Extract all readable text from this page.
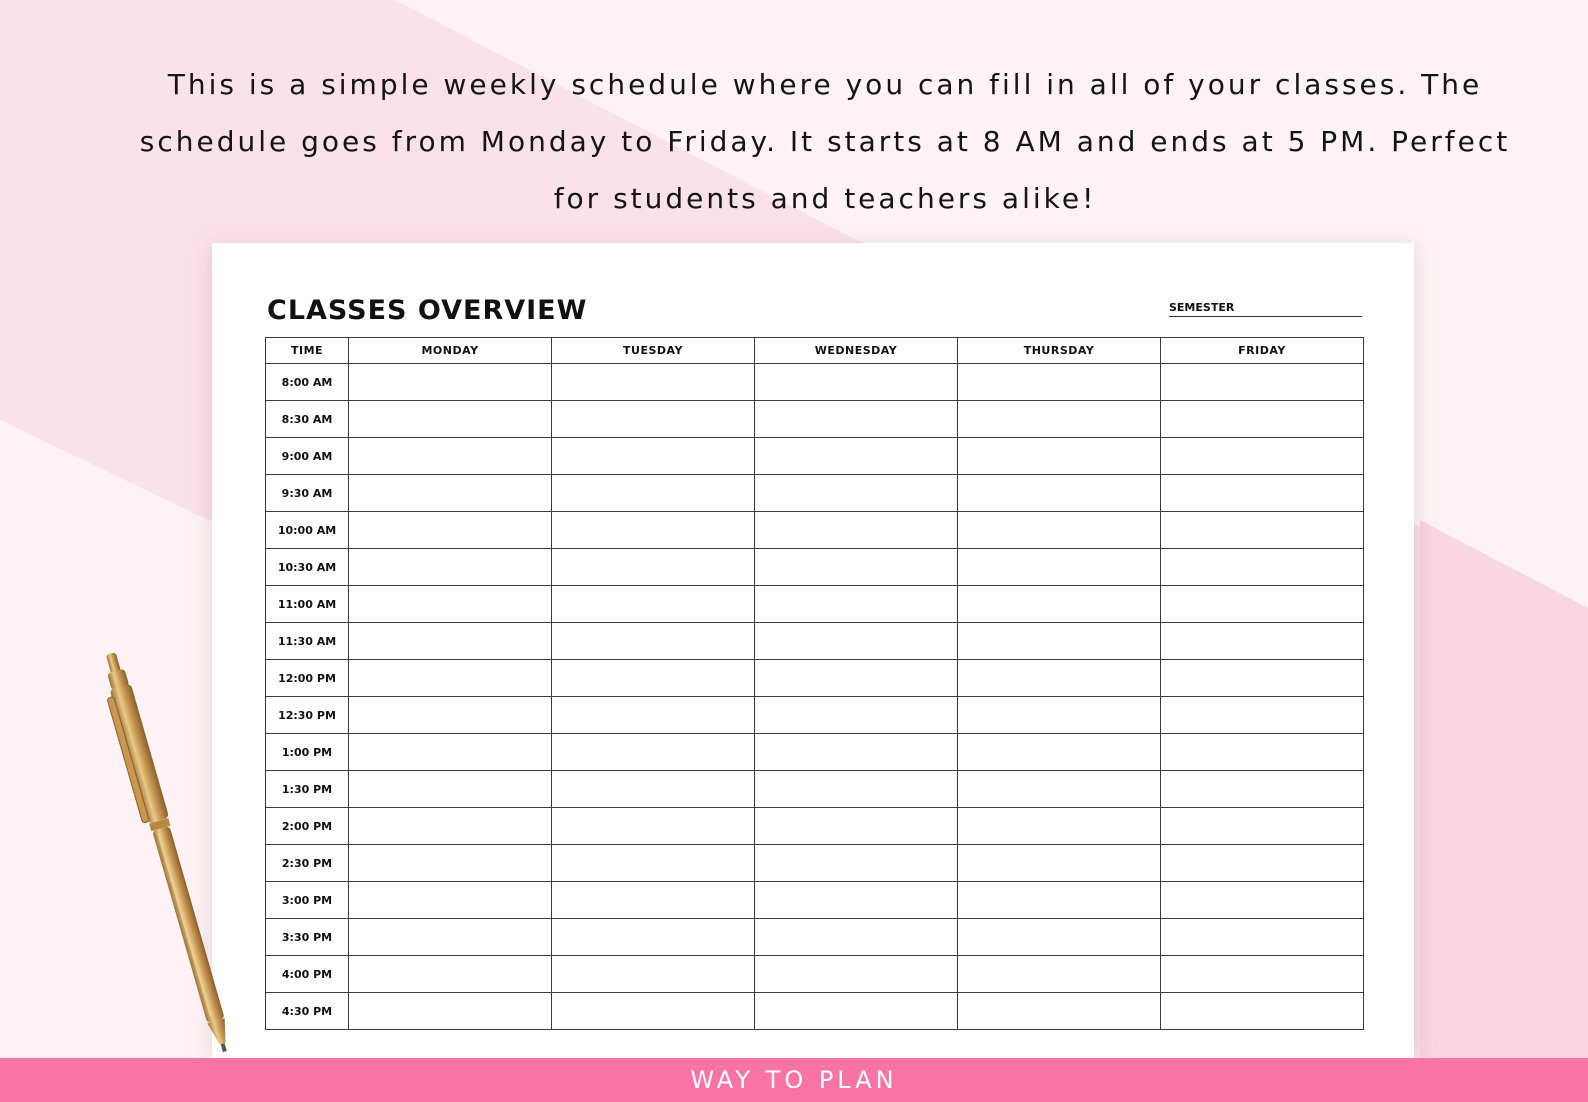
This is a simple weekly schedule where you can fill in all of your classes. The
schedule goes from Monday to Friday. It starts at 8 AM and ends at 5 PM. Perfect
for students and teachers alike!
CLASSES OVERVIEW	SEMESTER
TIME	MONDAY	TUESDAY	WEDNESDAY	THURSDAY	FRIDAY
8:00 AM					
8:30 AM					
9:00 AM					
9:30 AM					
10:00 AM					
10:30 AM					
11:00 AM					
11:30 AM					
12:00 PM					
12:30 PM					
1:00 PM					
1:30 PM					
2:00 PM					
2:30 PM					
3:00 PM					
3:30 PM					
4:00 PM					
4:30 PM					
WAY TO PLAN
